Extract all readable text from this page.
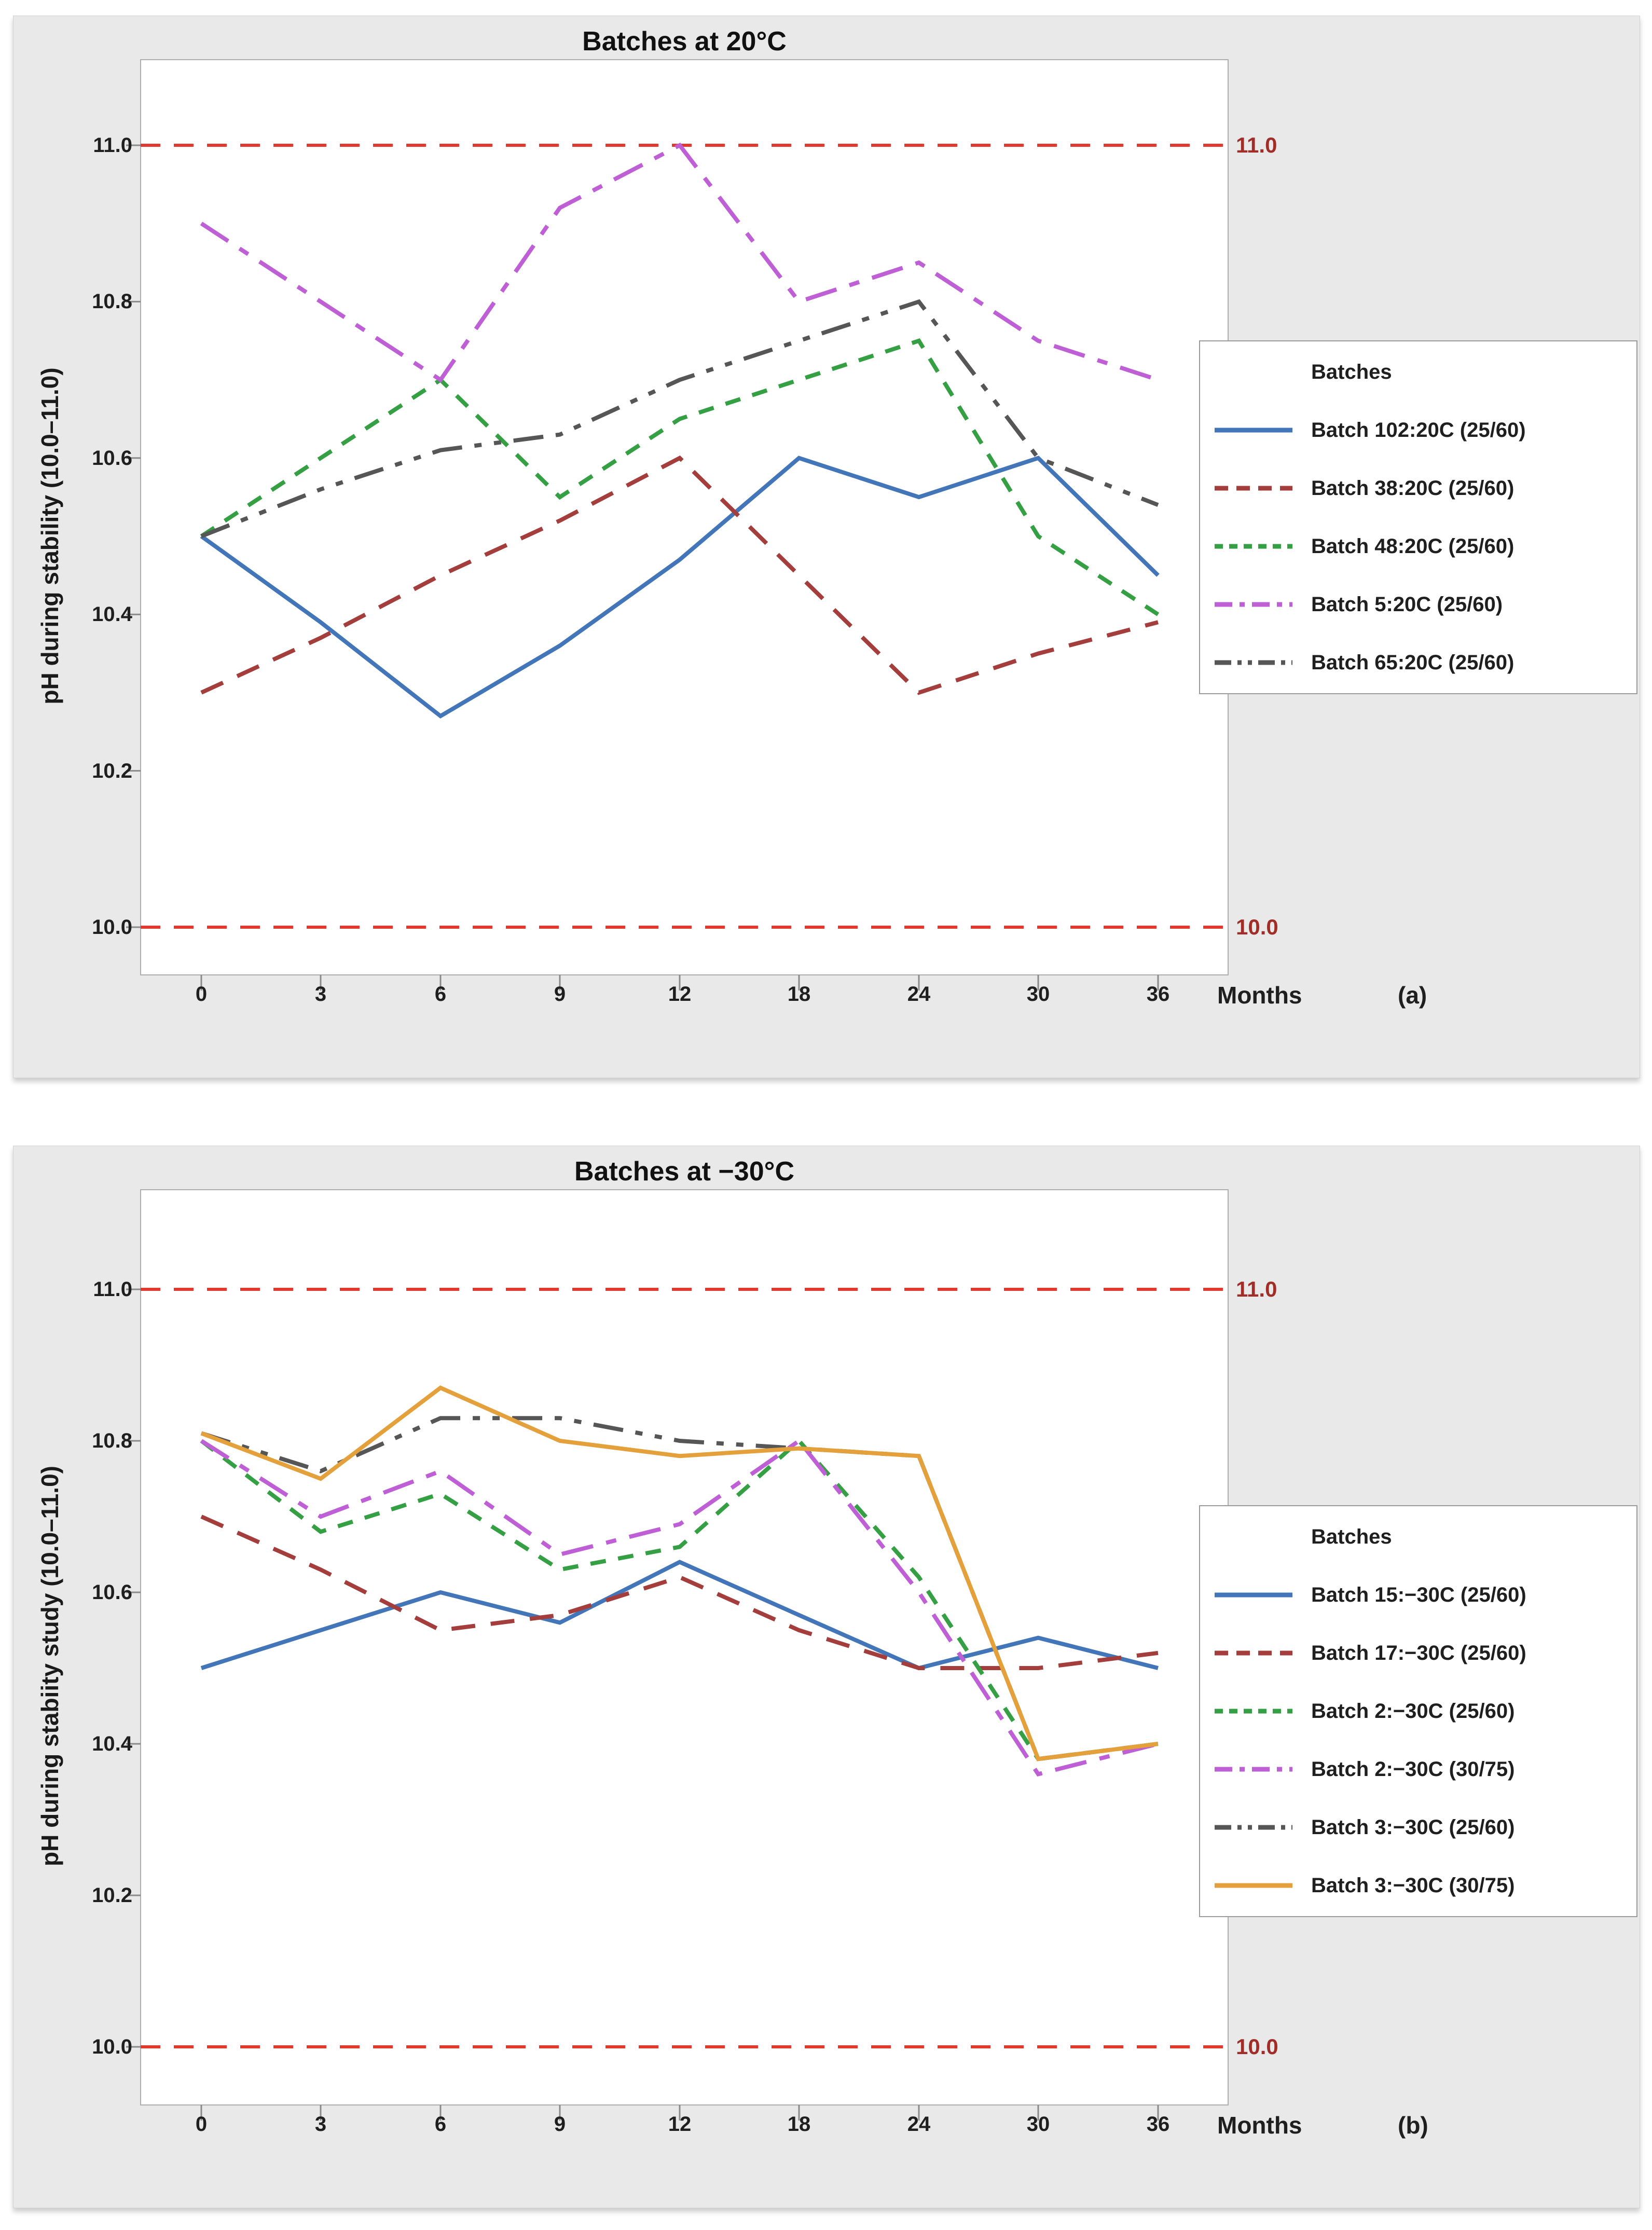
Batches at 20°C
pH during stability (10.0–11.0)
11.0
10.8
10.6
10.4
10.2
10.0
0	3	6	9	12	18	24	30	36	Months	(a)
11.0
10.0
Batches
Batch 102:20C (25/60)
Batch 38:20C (25/60)
Batch 48:20C (25/60)
Batch 5:20C (25/60)
Batch 65:20C (25/60)
Batches at −30°C
pH during stabiity study (10.0–11.0)
11.0
10.8
10.6
10.4
10.2
10.0
0	3	6	9	12	18	24	30	36	Months	(b)
11.0
10.0
Batches
Batch 15:−30C (25/60)
Batch 17:−30C (25/60)
Batch 2:−30C (25/60)
Batch 2:−30C (30/75)
Batch 3:−30C (25/60)
Batch 3:−30C (30/75)
